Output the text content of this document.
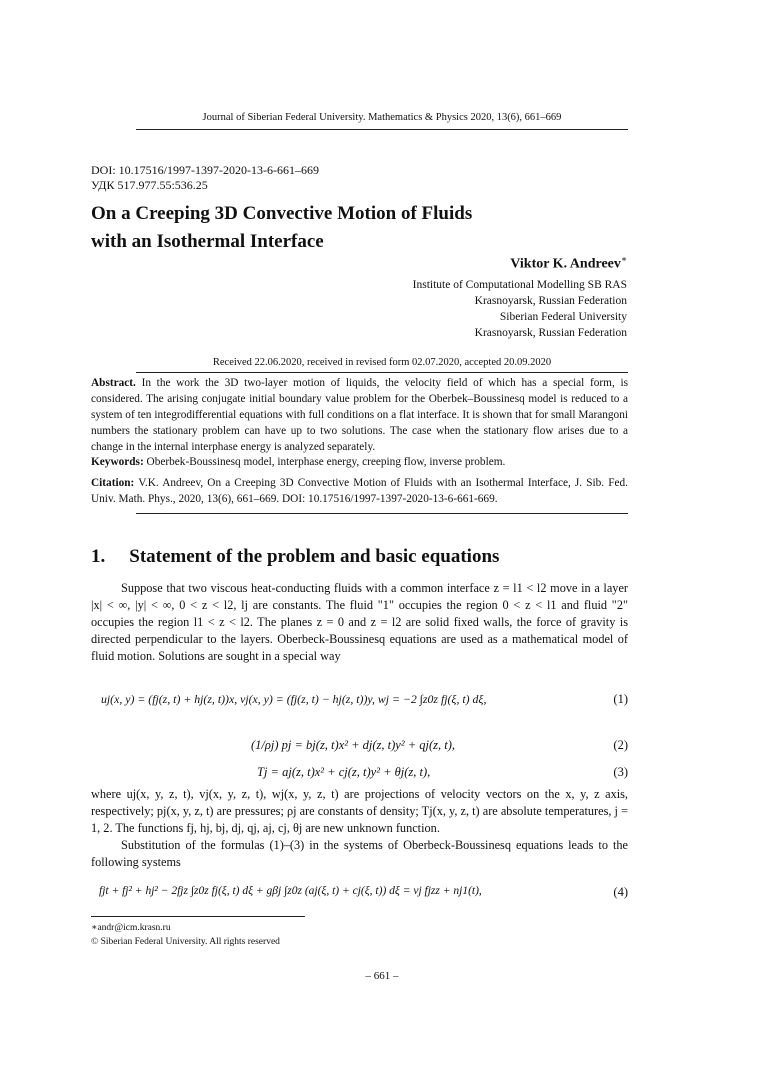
Journal of Siberian Federal University. Mathematics & Physics 2020, 13(6), 661–669
DOI: 10.17516/1997-1397-2020-13-6-661–669
УДК 517.977.55:536.25
On a Creeping 3D Convective Motion of Fluids
with an Isothermal Interface
Viktor K. Andreev∗
Institute of Computational Modelling SB RAS
Krasnoyarsk, Russian Federation
Siberian Federal University
Krasnoyarsk, Russian Federation
Received 22.06.2020, received in revised form 02.07.2020, accepted 20.09.2020
Abstract. In the work the 3D two-layer motion of liquids, the velocity field of which has a special form, is considered. The arising conjugate initial boundary value problem for the Oberbek–Boussinesq model is reduced to a system of ten integrodifferential equations with full conditions on a flat interface. It is shown that for small Marangoni numbers the stationary problem can have up to two solutions. The case when the stationary flow arises due to a change in the internal interphase energy is analyzed separately.
Keywords: Oberbek-Boussinesq model, interphase energy, creeping flow, inverse problem.
Citation: V.K. Andreev, On a Creeping 3D Convective Motion of Fluids with an Isothermal Interface, J. Sib. Fed. Univ. Math. Phys., 2020, 13(6), 661–669. DOI: 10.17516/1997-1397-2020-13-6-661-669.
1. Statement of the problem and basic equations
Suppose that two viscous heat-conducting fluids with a common interface z = l1 < l2 move in a layer |x| < ∞, |y| < ∞, 0 < z < l2, lj are constants. The fluid "1" occupies the region 0 < z < l1 and fluid "2" occupies the region l1 < z < l2. The planes z = 0 and z = l2 are solid fixed walls, the force of gravity is directed perpendicular to the layers. Oberbeck-Boussinesq equations are used as a mathematical model of fluid motion. Solutions are sought in a special way
uj(x, y) = (fj(z, t) + hj(z, t))x, vj(x, y) = (fj(z, t) − hj(z, t))y, wj = −2 ∫z0z fj(ξ, t) dξ,	(1)
(1/ρj) pj = bj(z, t)x² + dj(z, t)y² + qj(z, t),	(2)
Tj = aj(z, t)x² + cj(z, t)y² + θj(z, t),	(3)
where uj(x, y, z, t), vj(x, y, z, t), wj(x, y, z, t) are projections of velocity vectors on the x, y, z axis, respectively; pj(x, y, z, t) are pressures; ρj are constants of density; Tj(x, y, z, t) are absolute temperatures, j = 1, 2. The functions fj, hj, bj, dj, qj, aj, cj, θj are new unknown function.
Substitution of the formulas (1)–(3) in the systems of Oberbeck-Boussinesq equations leads to the following systems
fjt + fj² + hj² − 2fjz ∫z0z fj(ξ, t) dξ + gβj ∫z0z (aj(ξ, t) + cj(ξ, t)) dξ = νj fjzz + nj1(t),	(4)
∗andr@icm.krasn.ru
© Siberian Federal University. All rights reserved
– 661 –
